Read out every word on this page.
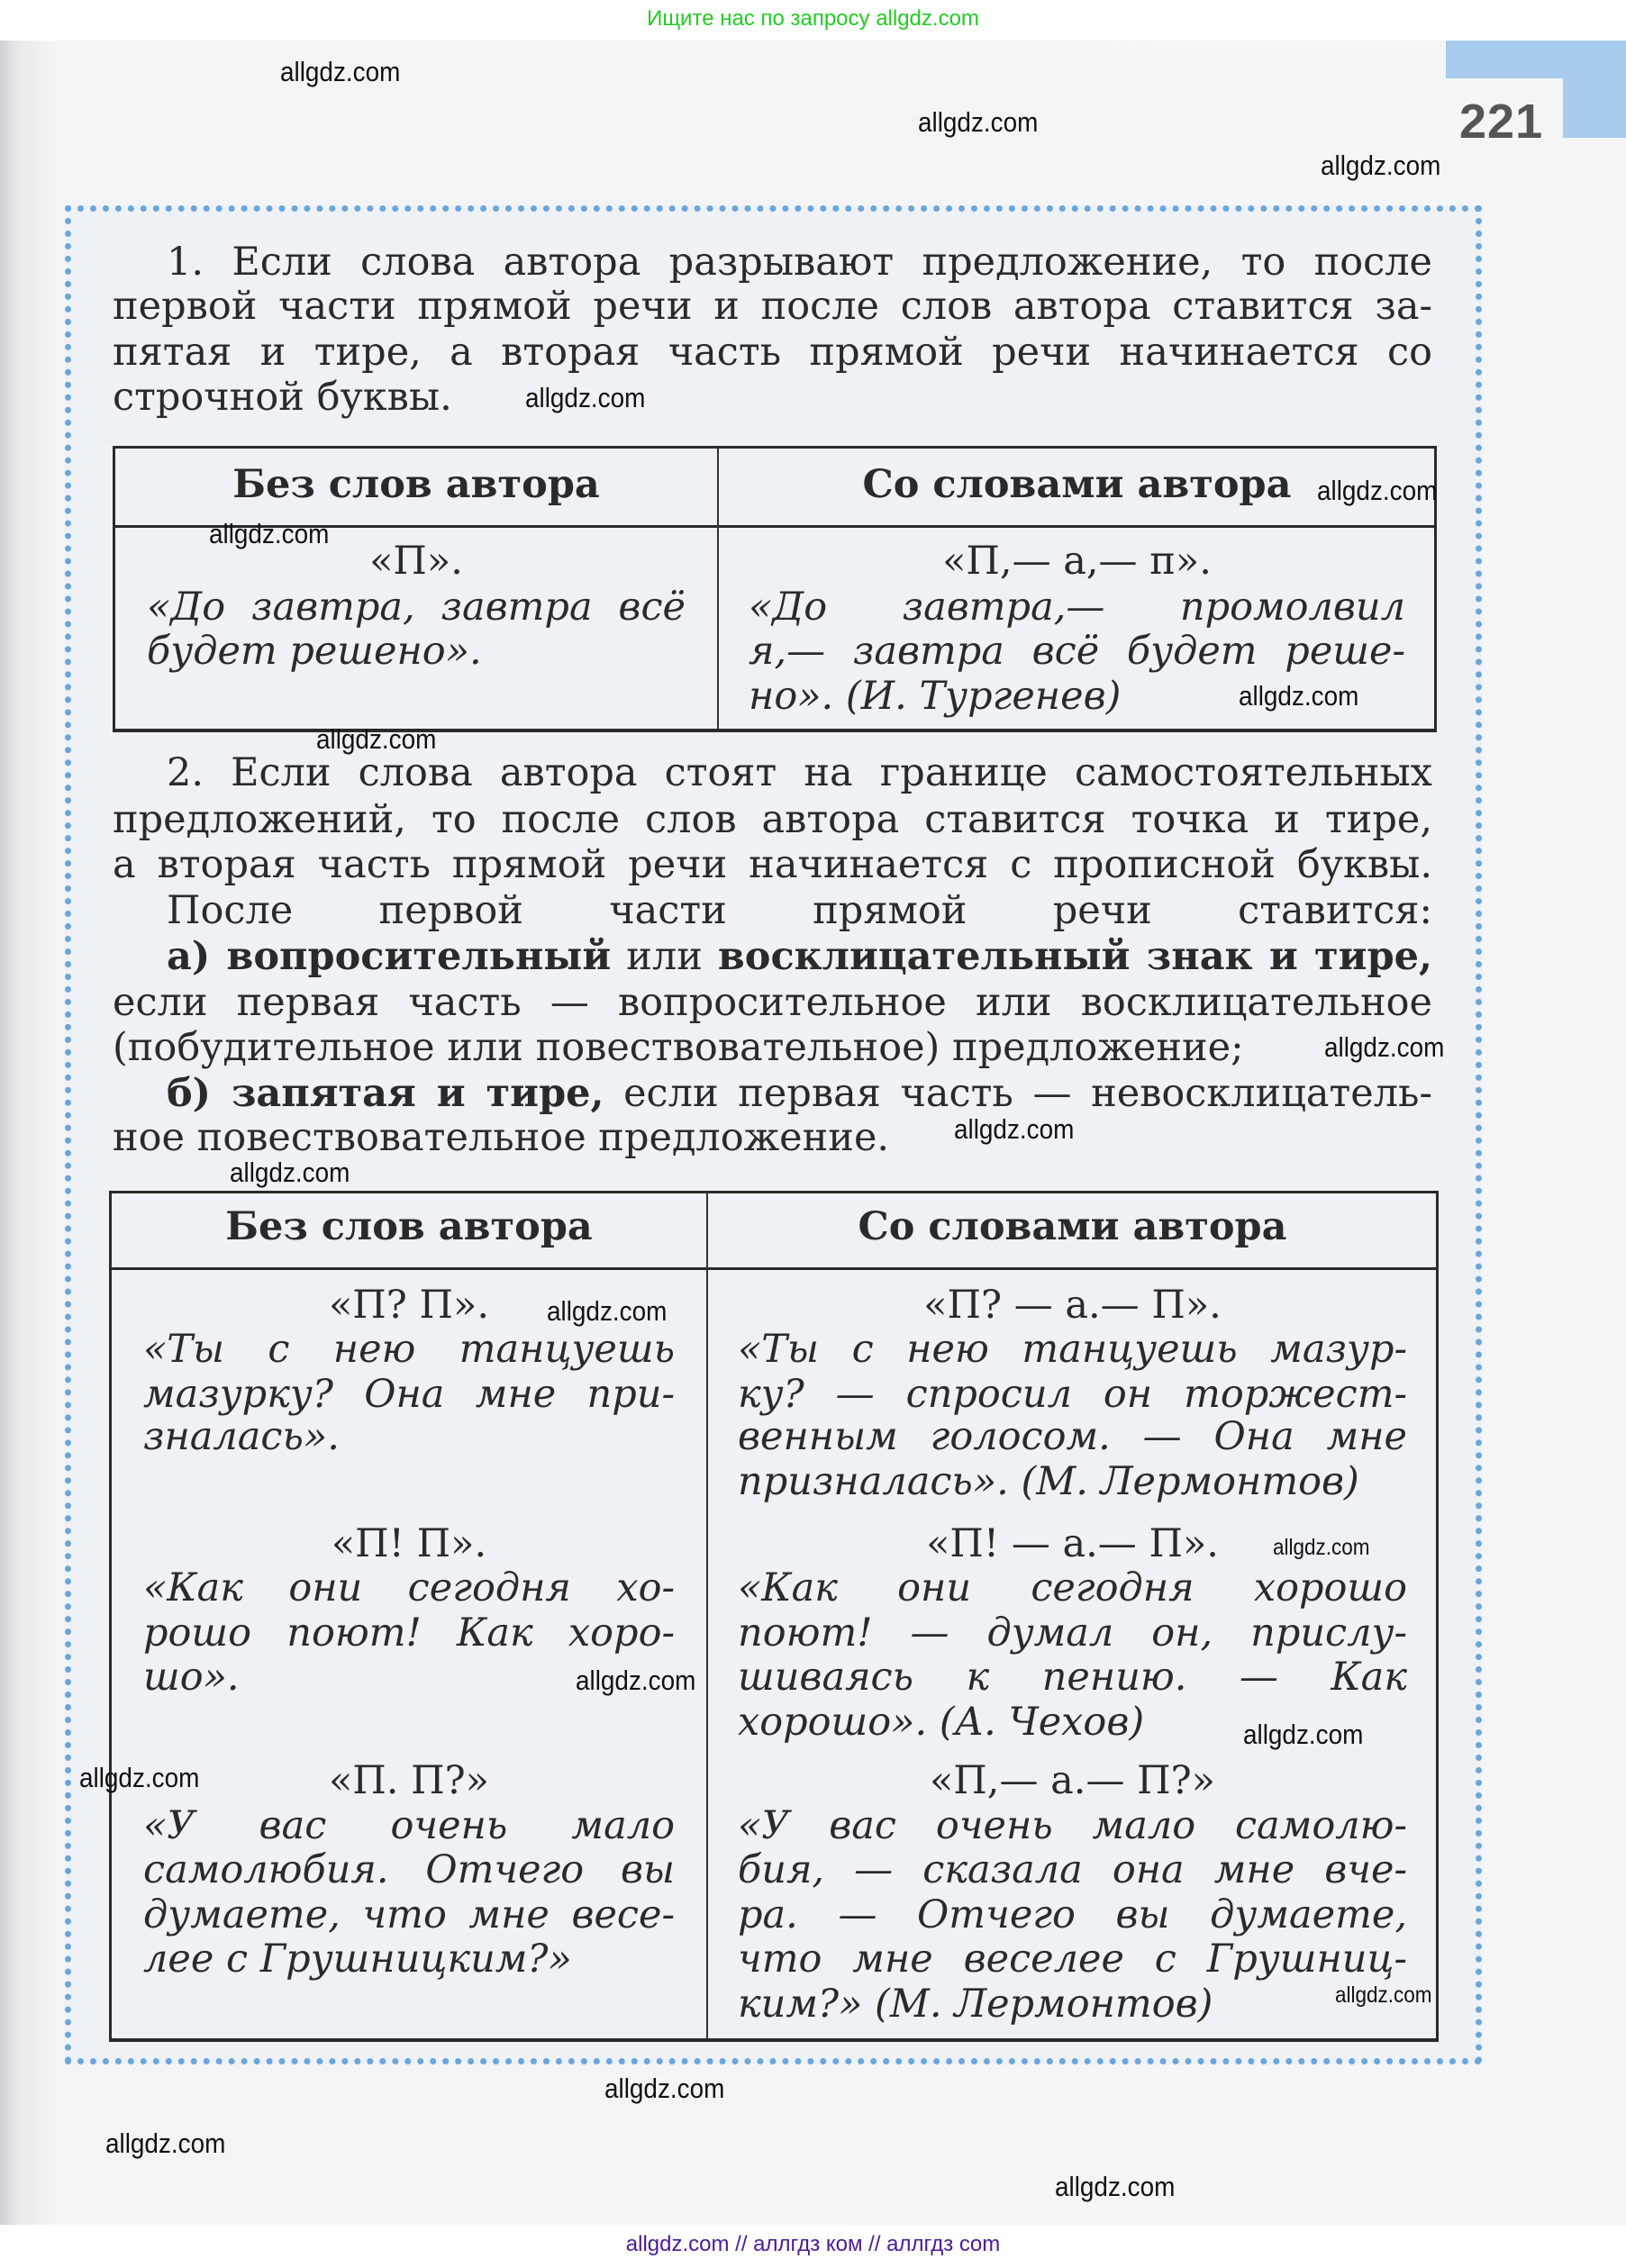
Ищите нас по запросу allgdz.com
221
1. Если слова автора разрывают предложение, то после
первой части прямой речи и после слов автора ставится за-
пятая и тире, а вторая часть прямой речи начинается со
строчной буквы.
2. Если слова автора стоят на границе самостоятельных
предложений, то после слов автора ставится точка и тире,
а вторая часть прямой речи начинается с прописной буквы.
После первой части прямой речи ставится:
а) вопросительный или восклицательный знак и тире,
если первая часть — вопросительное или восклицательное
(побудительное или повествовательное) предложение;
б) запятая и тире, если первая часть — невосклицатель-
ное повествовательное предложение.
Без слов автора	Со словами автора
«П».
«До завтра, завтра всё
будет решено».
«П,— а,— п».
«До завтра,— промолвил
я,— завтра всё будет реше-
но». (И. Тургенев)
Без слов автора	Со словами автора
«П? П».
«Ты с нею танцуешь
мазурку? Она мне при-
зналась».
«П? — а.— П».
«Ты с нею танцуешь мазур-
ку? — спросил он торжест-
венным голосом. — Она мне
призналась». (М. Лермонтов)
«П! П».
«Как они сегодня хо-
рошо поют! Как хоро-
шо».
«П! — а.— П».
«Как они сегодня хорошо
поют! — думал он, прислу-
шиваясь к пению. — Как
хорошо». (А. Чехов)
«П. П?»
«У вас очень мало
самолюбия. Отчего вы
думаете, что мне весе-
лее с Грушницким?»
«П,— а.— П?»
«У вас очень мало самолю-
бия, — сказала она мне вче-
ра. — Отчего вы думаете,
что мне веселее с Грушниц-
ким?» (М. Лермонтов)
allgdz.com // аллгдз ком // аллгдз com
allgdz.com
allgdz.com
allgdz.com
allgdz.com
allgdz.com
allgdz.com
allgdz.com
allgdz.com
allgdz.com
allgdz.com
allgdz.com
allgdz.com
allgdz.com
allgdz.com
allgdz.com
allgdz.com
allgdz.com
allgdz.com
allgdz.com
allgdz.com
